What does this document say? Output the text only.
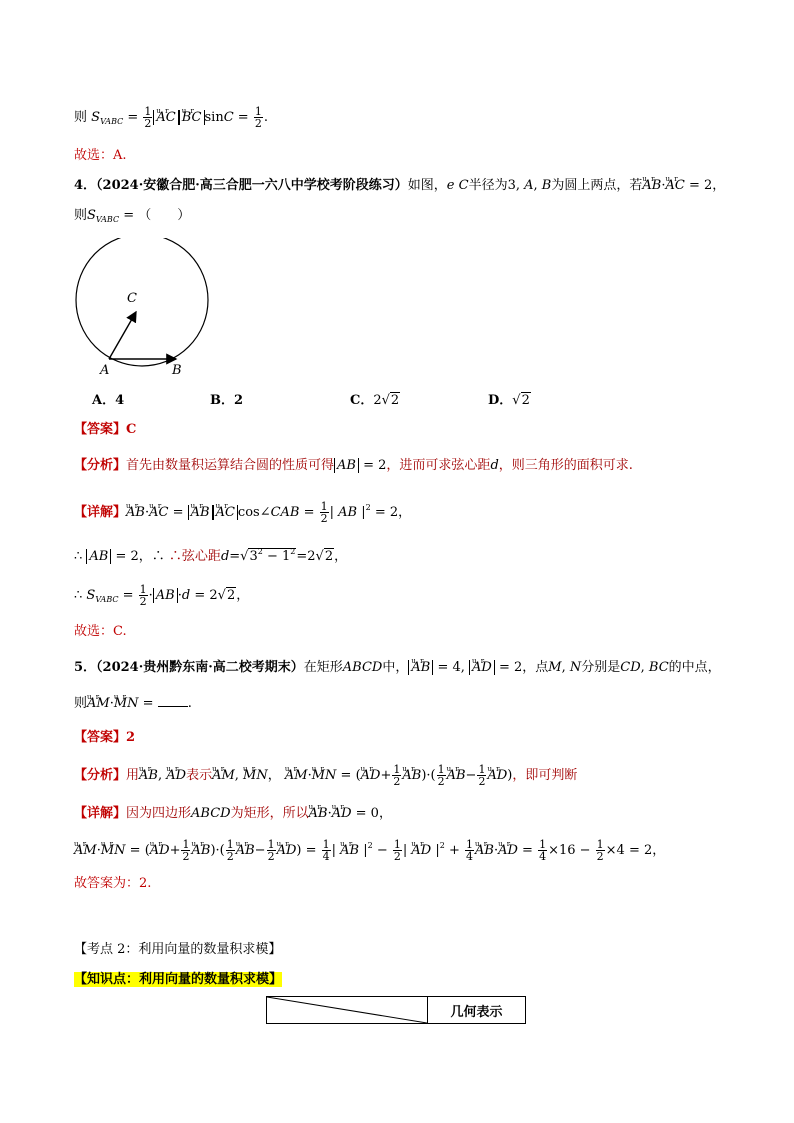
则 $S_{VABC} = \frac{1}{2}$ u r AC u r BC $\sin C = \frac{1}{2}$ .
故选：A.
4．（2024·安徽合肥·高三合肥一六八中学校考阶段练习）如图，e C半径为3, A, B为圆上两点，若u r AB·u r AC = 2，
则$S_{VABC}$ = （　　）
C
A	B
A．4	B．2	C．2√2	D．√2
【答案】C
【分析】首先由数量积运算结合圆的性质可得 AB = 2，进而可求弦心距d，则三角形的面积可求.
【详解】u r AB·u r AC = u r AB u r AC cos∠CAB = $\frac{1}{2}$ | AB $|^2 = 2$，
∴ AB = 2，∴ ∴弦心距$d=√3^2 - 1^2=2√2$，
∴ $S_{VABC} = \frac{1}{2}$ · AB ·d = 2√2，
故选：C.
5．（2024·贵州黔东南·高二校考期末）在矩形ABCD中， u r AB = 4, u r AD = 2，点M, N分别是CD, BC的中点，
则u r AM·u r MN = .
【答案】2
【分析】用u r AB, u r AD表示u r AM, u r MN， u r AM·u r MN = (u r $AD+ \frac{1}{2}$ u r $AB)\cdot( \frac{1}{2}$ u r $AB- \frac{1}{2}$ u r AD)，即可判断
【详解】因为四边形ABCD为矩形，所以u r AB·u r AD = 0，
u r AM·u r MN = (u r $AD+ \frac{1}{2}$ u r $AB)\cdot( \frac{1}{2}$ u r $AB- \frac{1}{2}$ u r $AD) = \frac{1}{4}$ | u r AB $|^2 - \frac{1}{2}$ | u r AD $|^2 + \frac{1}{4}$ u r AB·u r AD = $\frac{1}{4} \times 16 - \frac{1}{2} \times 4 = 2$，
故答案为：2.
【考点 2：利用向量的数量积求模】
【知识点：利用向量的数量积求模】
	几何表示
